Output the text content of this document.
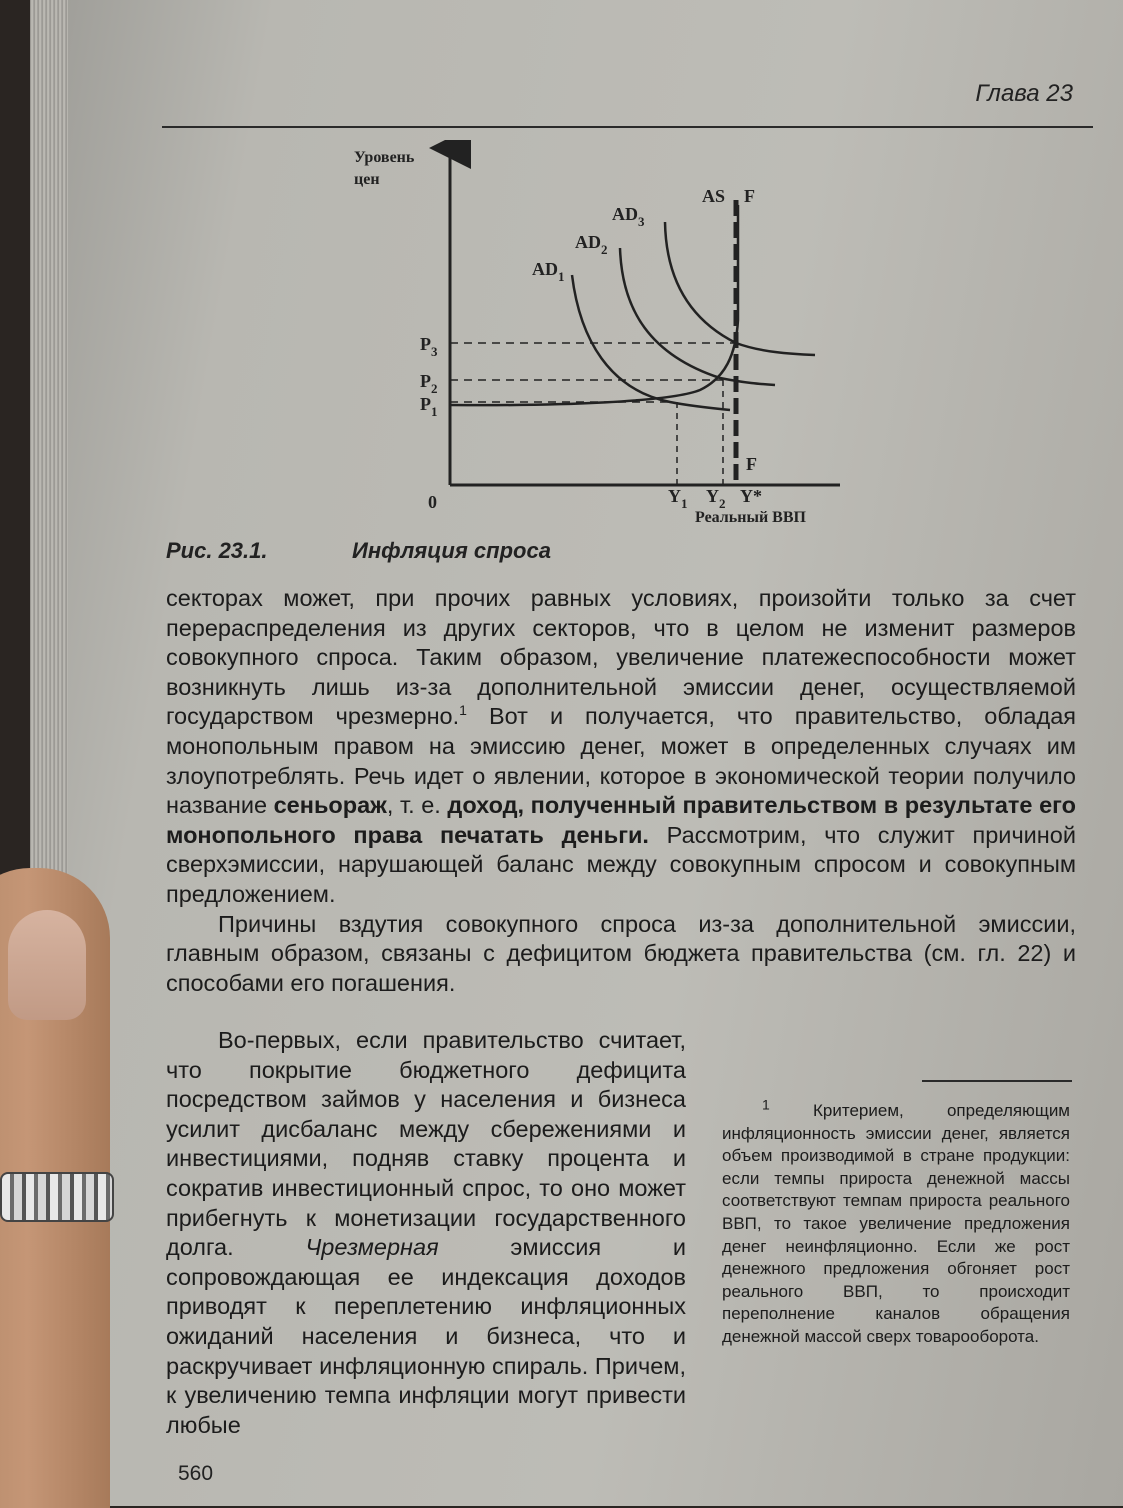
Глава 23
Уровень
цен
0
Реальный ВВП
$AD_1$
$AD_2$
$AD_3$
AS F
F
$P_3$
$P_2$
$P_1$
$Y_1$ $Y_2$ Y*
Рис. 23.1.	Инфляция спроса

секторах может, при прочих равных условиях, произойти только за счет перераспределения из других секторов, что в целом не изменит размеров совокупного спроса. Таким образом, увеличение платежеспособности может возникнуть лишь из-за дополнительной эмиссии денег, осуществляемой государством чрезмерно.$^1$ Вот и получается, что правительство, обладая монопольным правом на эмиссию денег, может в определенных случаях им злоупотреблять. Речь идет о явлении, которое в экономической теории получило название сеньораж, т. е. доход, полученный правительством в результате его монопольного права печатать деньги. Рассмотрим, что служит причиной сверхэмиссии, нарушающей баланс между совокупным спросом и совокупным предложением.

Причины вздутия совокупного спроса из-за дополнительной эмиссии, главным образом, связаны с дефицитом бюджета правительства (см. гл. 22) и способами его погашения.

Во-первых, если правительство считает, что покрытие бюджетного дефицита посредством займов у населения и бизнеса усилит дисбаланс между сбережениями и инвестициями, подняв ставку процента и сократив инвестиционный спрос, то оно может прибегнуть к монетизации государственного долга. Чрезмерная эмиссия и сопровождающая ее индексация доходов приводят к переплетению инфляционных ожиданий населения и бизнеса, что и раскручивает инфляционную спираль. Причем, к увеличению темпа инфляции могут привести любые

$^1$ Критерием, определяющим инфляционность эмиссии денег, является объем производимой в стране продукции: если темпы прироста денежной массы соответствуют темпам прироста реального ВВП, то такое увеличение предложения денег неинфляционно. Если же рост денежного предложения обгоняет рост реального ВВП, то происходит переполнение каналов обращения денежной массой сверх товарооборота.

560
